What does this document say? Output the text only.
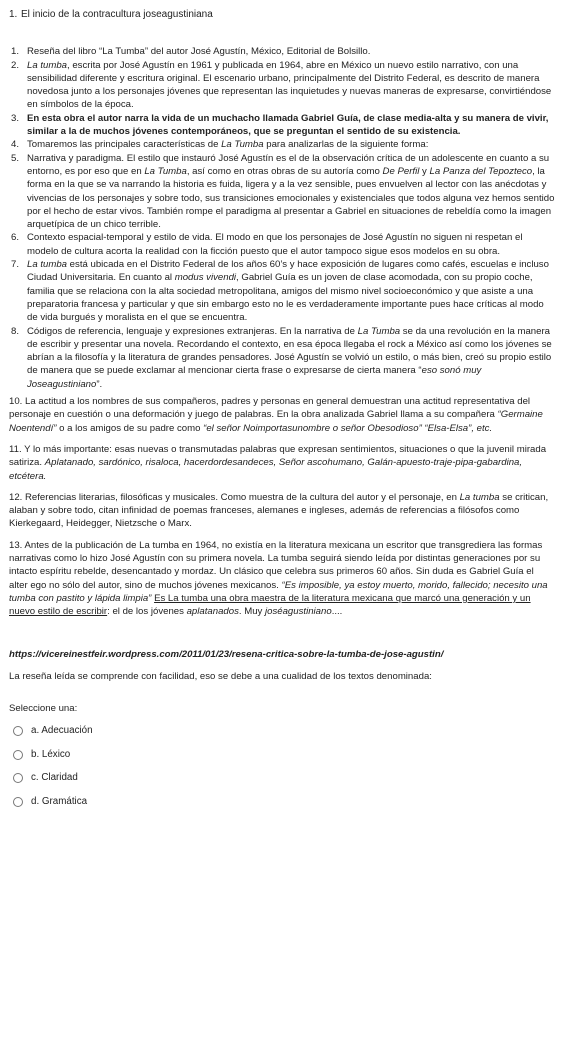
1. El inicio de la contracultura joseagustiniana
1. Reseña del libro “La Tumba” del autor José Agustín, México, Editorial de Bolsillo.
2. La tumba, escrita por José Agustín en 1961 y publicada en 1964, abre en México un nuevo estilo narrativo, con una sensibilidad diferente y escritura original. El escenario urbano, principalmente del Distrito Federal, es descrito de manera novedosa junto a los personajes jóvenes que representan las inquietudes y nuevas maneras de expresarse, convirtiéndose en símbolos de la época.
3. En esta obra el autor narra la vida de un muchacho llamada Gabriel Guía, de clase media-alta y su manera de vivir, similar a la de muchos jóvenes contemporáneos, que se preguntan el sentido de su existencia.
4. Tomaremos las principales características de La Tumba para analizarlas de la siguiente forma:
5. Narrativa y paradigma. El estilo que instauró José Agustín es el de la observación crítica de un adolescente en cuanto a su entorno, es por eso que en La Tumba, así como en otras obras de su autoría como De Perfil y La Panza del Tepozteco, la forma en la que se va narrando la historia es fuida, ligera y a la vez sensible, pues envuelven al lector con las anécdotas y vivencias de los personajes y sobre todo, sus transiciones emocionales y existenciales que todos alguna vez hemos sentido por el hecho de estar vivos. También rompe el paradigma al presentar a Gabriel en situaciones de rebeldía como la imagen arquetípica de un chico terrible.
6. Contexto espacial-temporal y estilo de vida. El modo en que los personajes de José Agustín no siguen ni respetan el modelo de cultura acorta la realidad con la ficción puesto que el autor tampoco sigue esos modelos en su obra.
7. La tumba está ubicada en el Distrito Federal de los años 60’s y hace exposición de lugares como cafés, escuelas e incluso Ciudad Universitaria. En cuanto al modus vivendi, Gabriel Guía es un joven de clase acomodada, con su propio coche, familia que se relaciona con la alta sociedad metropolitana, amigos del mismo nivel socioeconómico y que asiste a una preparatoria francesa y particular y que sin embargo esto no le es verdaderamente importante pues hace críticas al modo de vida burgués y moralista en el que se encuentra.
8. Códigos de referencia, lenguaje y expresiones extranjeras. En la narrativa de La Tumba se da una revolución en la manera de escribir y presentar una novela. Recordando el contexto, en esa época llegaba el rock a México así como los jóvenes se abrían a la filosofía y la literatura de grandes pensadores. José Agustín se volvió un estilo, o más bien, creó su propio estilo de manera que se puede exclamar al mencionar cierta frase o expresarse de cierta manera “eso sonó muy Joseagustiniano”.
10. La actitud a los nombres de sus compañeros, padres y personas en general demuestran una actitud representativa del personaje en cuestión o una deformación y juego de palabras. En la obra analizada Gabriel llama a su compañera “Germaine Noentendí” o a los amigos de su padre como “el señor Noimportasunombre o señor Obesodioso” “Elsa-Elsa”, etc.
11. Y lo más importante: esas nuevas o transmutadas palabras que expresan sentimientos, situaciones o que la juvenil mirada satiriza. Aplatanado, sardónico, risaloca, hacerdordesandeces, Señor ascohumano, Galán-apuesto-traje-pipa-gabardina, etcétera.
12. Referencias literarias, filosóficas y musicales. Como muestra de la cultura del autor y el personaje, en La tumba se critican, alaban y sobre todo, citan infinidad de poemas franceses, alemanes e ingleses, además de referencias a filósofos como Kierkegaard, Heidegger, Nietzsche o Marx.
13. Antes de la publicación de La tumba en 1964, no existía en la literatura mexicana un escritor que transgrediera las formas narrativas como lo hizo José Agustín con su primera novela. La tumba seguirá siendo leída por distintas generaciones por su intacto espíritu rebelde, desencantado y mordaz. Un clásico que celebra sus primeros 60 años. Sin duda es Gabriel Guía el alter ego no sólo del autor, sino de muchos jóvenes mexicanos. “Es imposible, ya estoy muerto, morido, fallecido; necesito una tumba con pastito y lápida limpia” Es La tumba una obra maestra de la literatura mexicana que marcó una generación y un nuevo estilo de escribir: el de los jóvenes aplatanados. Muy joséagustiniano....
https://vicereinestfeir.wordpress.com/2011/01/23/resena-critica-sobre-la-tumba-de-jose-agustin/
La reseña leída se comprende con facilidad, eso se debe a una cualidad de los textos denominada:
Seleccione una:
a. Adecuación
b. Léxico
c. Claridad
d. Gramática
